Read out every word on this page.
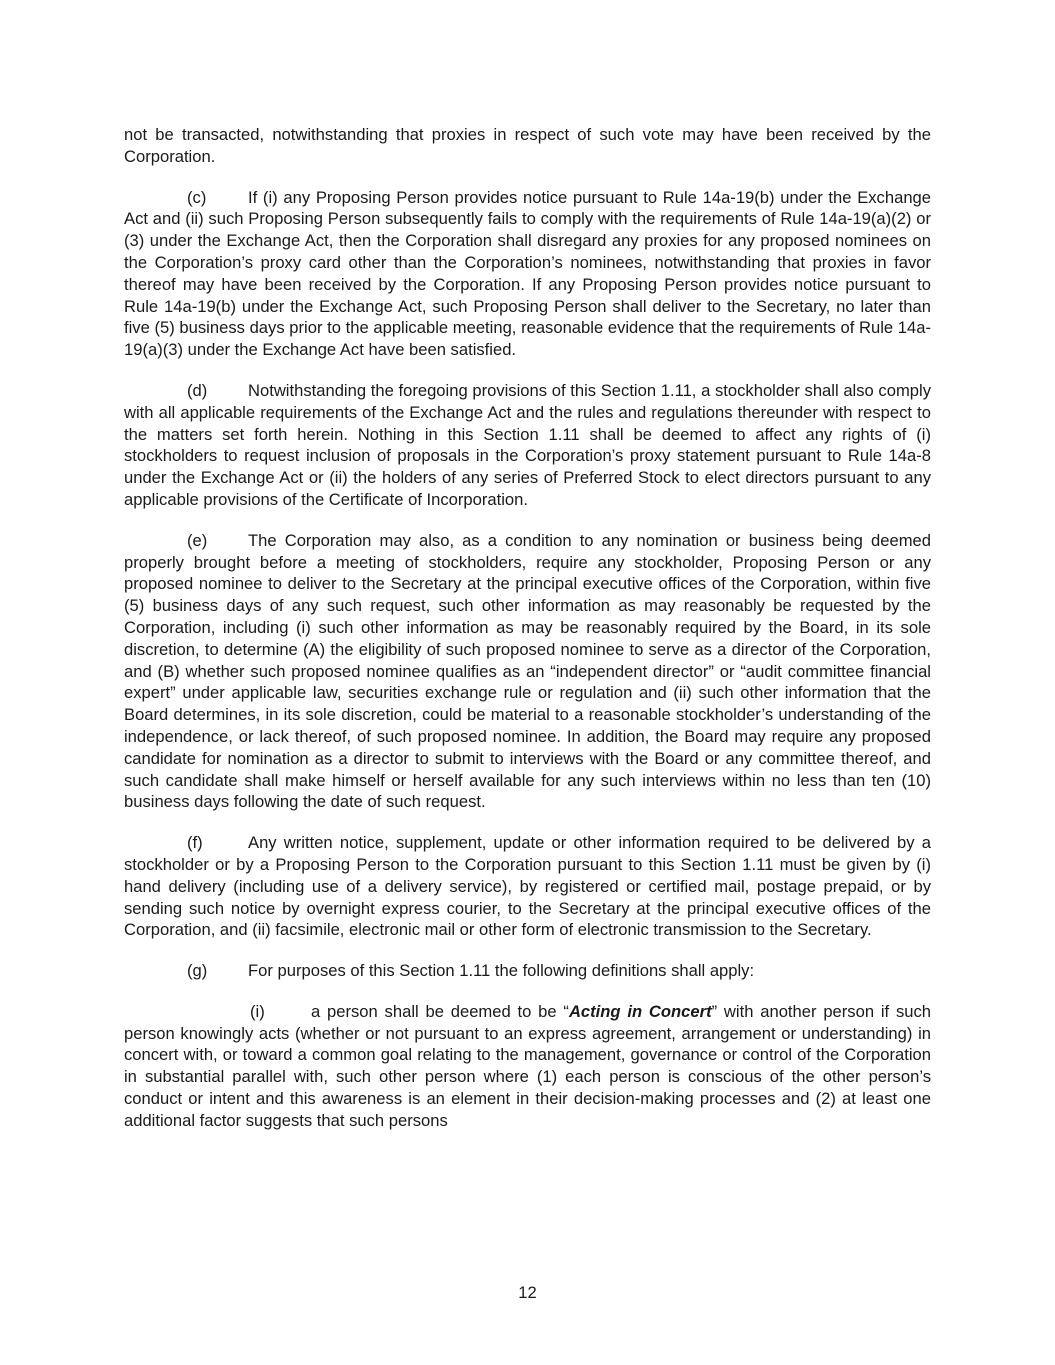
not be transacted, notwithstanding that proxies in respect of such vote may have been received by the Corporation.

(c)	If (i) any Proposing Person provides notice pursuant to Rule 14a-19(b) under the Exchange Act and (ii) such Proposing Person subsequently fails to comply with the requirements of Rule 14a-19(a)(2) or (3) under the Exchange Act, then the Corporation shall disregard any proxies for any proposed nominees on the Corporation’s proxy card other than the Corporation’s nominees, notwithstanding that proxies in favor thereof may have been received by the Corporation. If any Proposing Person provides notice pursuant to Rule 14a-19(b) under the Exchange Act, such Proposing Person shall deliver to the Secretary, no later than five (5) business days prior to the applicable meeting, reasonable evidence that the requirements of Rule 14a-19(a)(3) under the Exchange Act have been satisfied.

(d) Notwithstanding the foregoing provisions of this Section 1.11, a stockholder shall also comply with all applicable requirements of the Exchange Act and the rules and regulations thereunder with respect to the matters set forth herein. Nothing in this Section 1.11 shall be deemed to affect any rights of (i) stockholders to request inclusion of proposals in the Corporation’s proxy statement pursuant to Rule 14a-8 under the Exchange Act or (ii) the holders of any series of Preferred Stock to elect directors pursuant to any applicable provisions of the Certificate of Incorporation.

(e) The Corporation may also, as a condition to any nomination or business being deemed properly brought before a meeting of stockholders, require any stockholder, Proposing Person or any proposed nominee to deliver to the Secretary at the principal executive offices of the Corporation, within five (5) business days of any such request, such other information as may reasonably be requested by the Corporation, including (i) such other information as may be reasonably required by the Board, in its sole discretion, to determine (A) the eligibility of such proposed nominee to serve as a director of the Corporation, and (B) whether such proposed nominee qualifies as an “independent director” or “audit committee financial expert” under applicable law, securities exchange rule or regulation and (ii) such other information that the Board determines, in its sole discretion, could be material to a reasonable stockholder’s understanding of the independence, or lack thereof, of such proposed nominee. In addition, the Board may require any proposed candidate for nomination as a director to submit to interviews with the Board or any committee thereof, and such candidate shall make himself or herself available for any such interviews within no less than ten (10) business days following the date of such request.

(f)	Any written notice, supplement, update or other information required to be delivered by a stockholder or by a Proposing Person to the Corporation pursuant to this Section 1.11 must be given by (i) hand delivery (including use of a delivery service), by registered or certified mail, postage prepaid, or by sending such notice by overnight express courier, to the Secretary at the principal executive offices of the Corporation, and (ii) facsimile, electronic mail or other form of electronic transmission to the Secretary.

(g) For purposes of this Section 1.11 the following definitions shall apply:

(i)	a person shall be deemed to be “Acting in Concert” with another person if such person knowingly acts (whether or not pursuant to an express agreement, arrangement or understanding) in concert with, or toward a common goal relating to the management, governance or control of the Corporation in substantial parallel with, such other person where (1) each person is conscious of the other person’s conduct or intent and this awareness is an element in their decision-making processes and (2) at least one additional factor suggests that such persons

12
